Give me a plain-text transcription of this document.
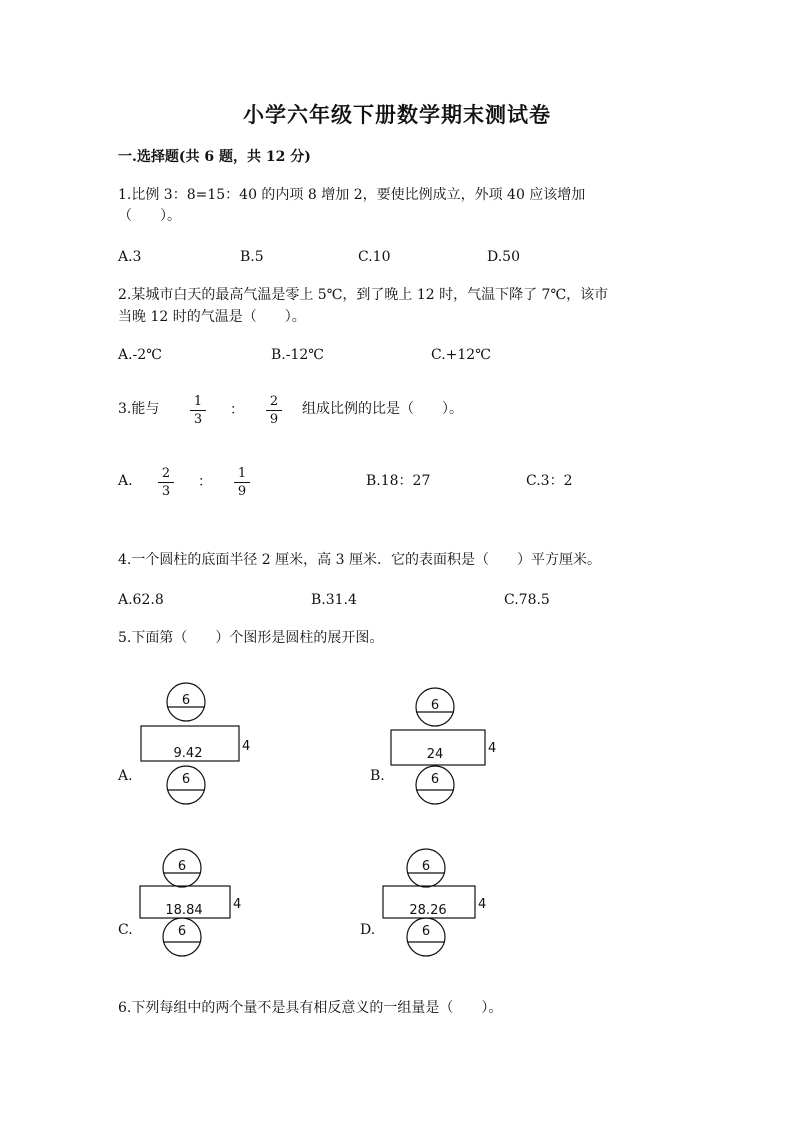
小学六年级下册数学期末测试卷
一.选择题(共 6 题，共 12 分)
1.比例 3：8=15：40 的内项 8 增加 2，要使比例成立，外项 40 应该增加
（　　）。
A.3	B.5	C.10	D.50
2.某城市白天的最高气温是零上 5℃，到了晚上 12 时，气温下降了 7℃，该市
当晚 12 时的气温是（　　）。
A.-2℃	B.-12℃	C.+12℃
3.能与	1
3
：
2
9
组成比例的比是（　　）。
A. 2
3
：
1
9
B.18：27	C.3：2
4.一个圆柱的底面半径 2 厘米，高 3 厘米．它的表面积是（　　）平方厘米。
A.62.8	B.31.4	C.78.5
5.下面第（　　）个图形是圆柱的展开图。
A.
6
9.42	4
6	B.
6
24	4
6
C.
6
18.84 4
6	D.
6
28.26 4
6
6.下列每组中的两个量不是具有相反意义的一组量是（　　）。
